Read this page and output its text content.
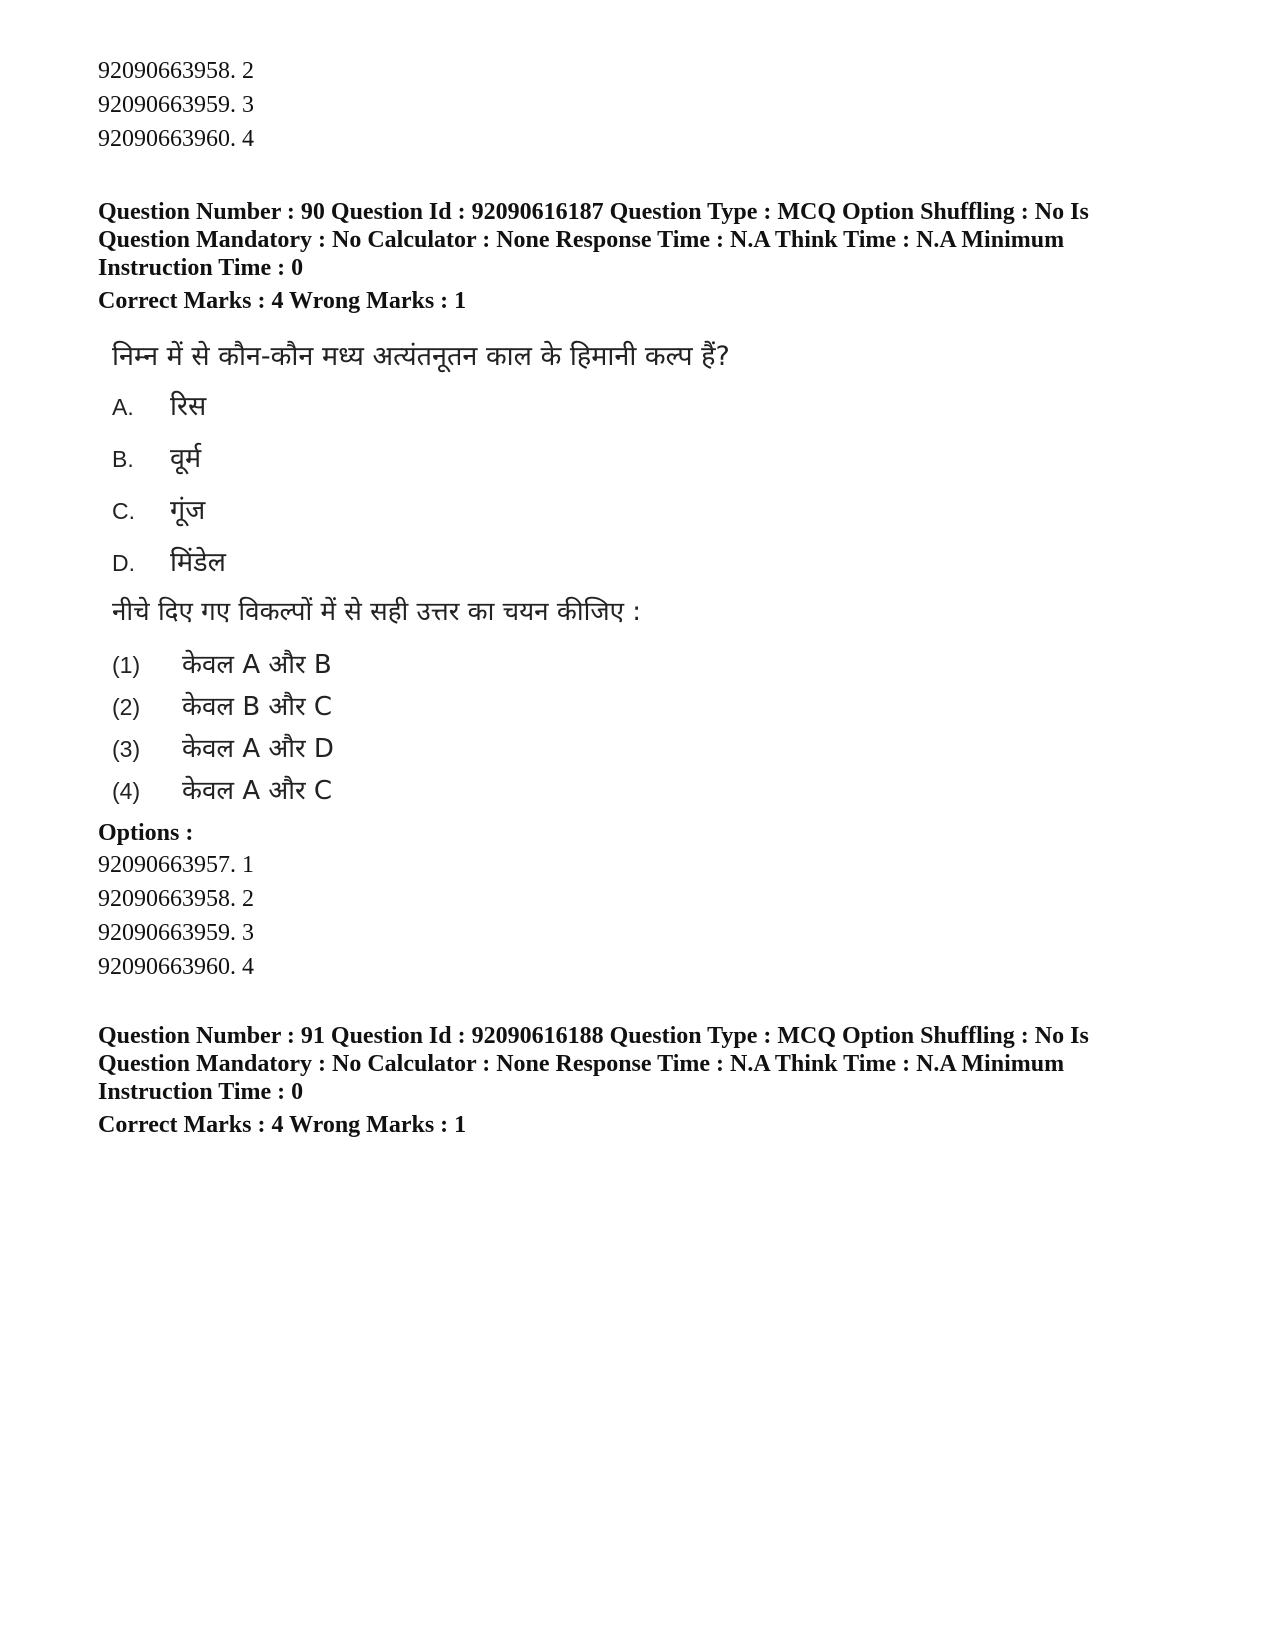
92090663958. 2
92090663959. 3
92090663960. 4
Question Number : 90 Question Id : 92090616187 Question Type : MCQ Option Shuffling : No Is
Question Mandatory : No Calculator : None Response Time : N.A Think Time : N.A Minimum
Instruction Time : 0
Correct Marks : 4 Wrong Marks : 1
निम्न में से कौन-कौन मध्य अत्यंतनूतन काल के हिमानी कल्प हैं?
A. रिस
B. वूर्म
C. गूंज
D. मिंडेल
नीचे दिए गए विकल्पों में से सही उत्तर का चयन कीजिए :
(1) केवल A और B
(2) केवल B और C
(3) केवल A और D
(4) केवल A और C
Options :
92090663957. 1
92090663958. 2
92090663959. 3
92090663960. 4
Question Number : 91 Question Id : 92090616188 Question Type : MCQ Option Shuffling : No Is
Question Mandatory : No Calculator : None Response Time : N.A Think Time : N.A Minimum
Instruction Time : 0
Correct Marks : 4 Wrong Marks : 1
